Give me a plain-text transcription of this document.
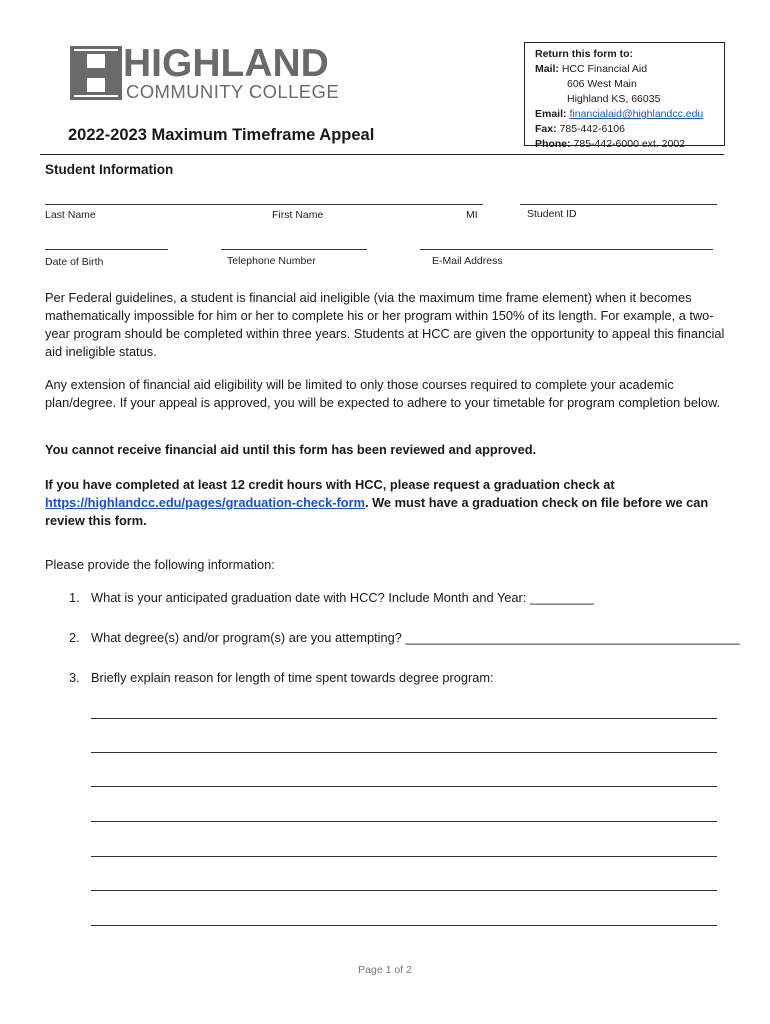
HIGHLAND
COMMUNITY COLLEGE
Return this form to:
Mail: HCC Financial Aid
606 West Main
Highland KS, 66035
Email: financialaid@highlandcc.edu
Fax: 785-442-6106
Phone: 785-442-6000 ext. 2002
2022-2023 Maximum Timeframe Appeal
Student Information
Last Name	First Name	MI	Student ID
Date of Birth	Telephone Number	E-Mail Address
Per Federal guidelines, a student is financial aid ineligible (via the maximum time frame element) when it becomes mathematically impossible for him or her to complete his or her program within 150% of its length. For example, a two-year program should be completed within three years. Students at HCC are given the opportunity to appeal this financial aid ineligible status.
Any extension of financial aid eligibility will be limited to only those courses required to complete your academic plan/degree. If your appeal is approved, you will be expected to adhere to your timetable for program completion below.
You cannot receive financial aid until this form has been reviewed and approved.
If you have completed at least 12 credit hours with HCC, please request a graduation check at https://highlandcc.edu/pages/graduation-check-form. We must have a graduation check on file before we can review this form.
Please provide the following information:
1. What is your anticipated graduation date with HCC? Include Month and Year: _________
2. What degree(s) and/or program(s) are you attempting? _______________________________________________
3. Briefly explain reason for length of time spent towards degree program:
Page 1 of 2
